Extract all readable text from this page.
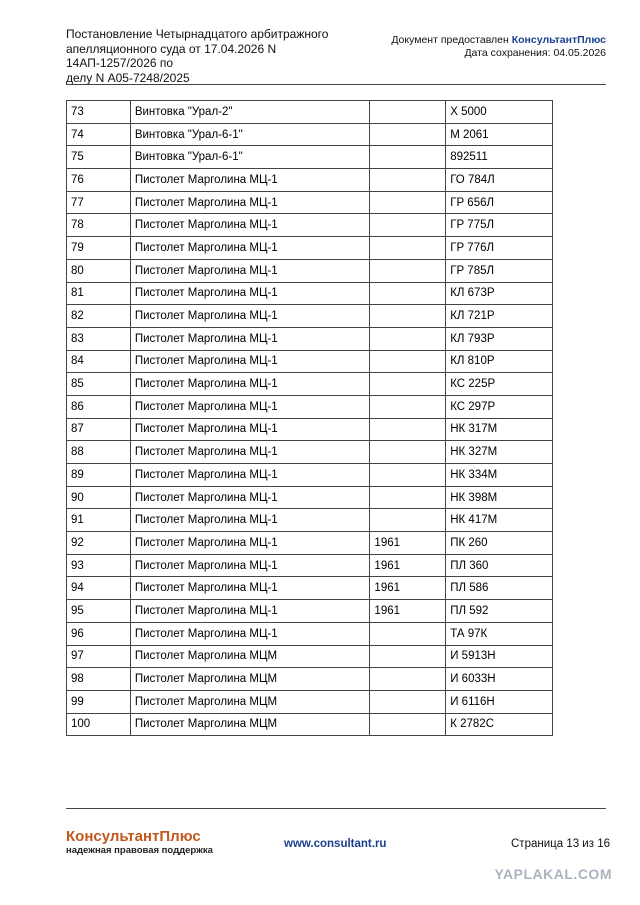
Постановление Четырнадцатого арбитражного
апелляционного суда от 17.04.2026 N 14АП-1257/2026 по
делу N А05-7248/2025
Документ предоставлен КонсультантПлюс
Дата сохранения: 04.05.2026
73	Винтовка "Урал-2"		Х 5000
74	Винтовка "Урал-6-1"		М 2061
75	Винтовка "Урал-6-1"		892511
76	Пистолет Марголина МЦ-1		ГО 784Л
77	Пистолет Марголина МЦ-1		ГР 656Л
78	Пистолет Марголина МЦ-1		ГР 775Л
79	Пистолет Марголина МЦ-1		ГР 776Л
80	Пистолет Марголина МЦ-1		ГР 785Л
81	Пистолет Марголина МЦ-1		КЛ 673Р
82	Пистолет Марголина МЦ-1		КЛ 721Р
83	Пистолет Марголина МЦ-1		КЛ 793Р
84	Пистолет Марголина МЦ-1		КЛ 810Р
85	Пистолет Марголина МЦ-1		КС 225Р
86	Пистолет Марголина МЦ-1		КС 297Р
87	Пистолет Марголина МЦ-1		НК 317М
88	Пистолет Марголина МЦ-1		НК 327М
89	Пистолет Марголина МЦ-1		НК 334М
90	Пистолет Марголина МЦ-1		НК 398М
91	Пистолет Марголина МЦ-1		НК 417М
92	Пистолет Марголина МЦ-1	1961	ПК 260
93	Пистолет Марголина МЦ-1	1961	ПЛ 360
94	Пистолет Марголина МЦ-1	1961	ПЛ 586
95	Пистолет Марголина МЦ-1	1961	ПЛ 592
96	Пистолет Марголина МЦ-1		ТА 97К
97	Пистолет Марголина МЦМ		И 5913Н
98	Пистолет Марголина МЦМ		И 6033Н
99	Пистолет Марголина МЦМ		И 6116Н
100	Пистолет Марголина МЦМ		К 2782С
КонсультантПлюс
надежная правовая поддержка
www.consultant.ru	Страница 13 из 16
YAPLAKAL.COM
